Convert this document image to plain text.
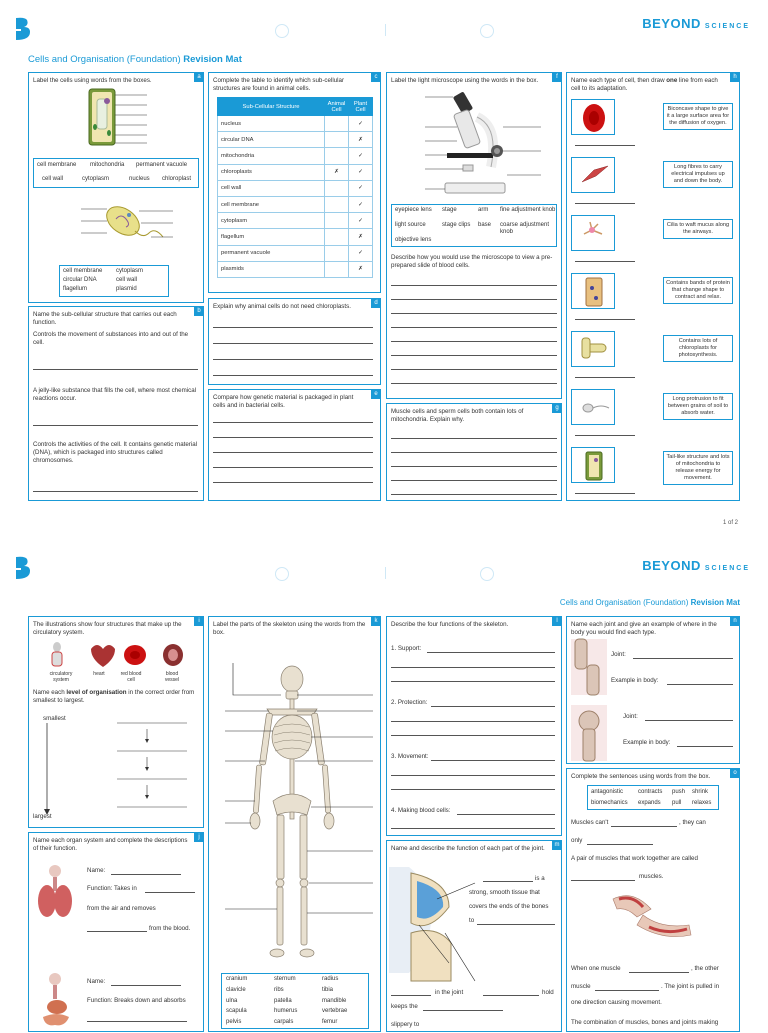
BEYOND SCIENCE
Cells and Organisation (Foundation) Revision Mat
a
Label the cells using words from the boxes.
cell membrane mitochondria permanent vacuole
cell wall	cytoplasm	nucleus chloroplast
cell membrane cytoplasm
circular DNA	cell wall
flagellum	plasmid
b
Name the sub-cellular structure that carries out each function.
Controls the movement of substances into and out of the cell.
A jelly-like substance that fills the cell, where most chemical reactions occur.
Controls the activities of the cell. It contains genetic material (DNA), which is packaged into structures called chromosomes.
c
Complete the table to identify which sub-cellular structures are found in animal cells.
Sub-Cellular Structure	Animal Cell	Plant Cell
nucleus		✓
circular DNA		✗
mitochondria		✓
chloroplasts	✗	✓
cell wall		✓
cell membrane		✓
cytoplasm		✓
flagellum		✗
permanent vacuole		✓
plasmids		✗
d
Explain why animal cells do not need chloroplasts.
e
Compare how genetic material is packaged in plant cells and in bacterial cells.
f
Label the light microscope using the words in the box.
eyepiece lens stage	arm fine adjustment knob
light source	stage clips base coarse adjustment knob
objective lens
Describe how you would use the microscope to view a pre-prepared slide of blood cells.
g
Muscle cells and sperm cells both contain lots of mitochondria. Explain why.
h
Name each type of cell, then draw one line from each cell to its adaptation.
Biconcave shape to give it a large surface area for the diffusion of oxygen.
Long fibres to carry electrical impulses up and down the body.
Cilia to waft mucus along the airways.
Contains bands of protein that change shape to contract and relax.
Contains lots of chloroplasts for photosynthesis.
Long protrusion to fit between grains of soil to absorb water.
Tail-like structure and lots of mitochondria to release energy for movement.
1 of 2
BEYOND SCIENCE
Cells and Organisation (Foundation) Revision Mat
i
The illustrations show four structures that make up the circulatory system.
circulatory system
heart	red blood cell
blood vessel
Name each level of organisation in the correct order from smallest to largest.
smallest
largest
j
Name each organ system and complete the descriptions of their function.
Name:
Function: Takes in
from the air and removes
from the blood.
Name:
Function: Breaks down and absorbs
k
Label the parts of the skeleton using the words from the box.
cranium	sternum	radius
clavicle	ribs	tibia
ulna	patella	mandible
scapula	humerus	vertebrae
pelvis	carpals	femur
l
Describe the four functions of the skeleton.
1. Support:
2. Protection:
3. Movement:
4. Making blood cells:
m
Name and describe the function of each part of the joint.
is a
strong, smooth tissue that
covers the ends of the bones
to
in the joint	hold
keeps the
slippery to
n
Name each joint and give an example of where in the body you would find each type.
Joint:
Example in body:
Joint:
Example in body:
o
Complete the sentences using words from the box.
antagonistic contracts push shrink
biomechanics expands pull relaxes
Muscles can't	, they can
only
A pair of muscles that work together are called
muscles.
When one muscle	, the other
muscle	. The joint is pulled in
one direction causing movement.
The combination of muscles, bones and joints making
